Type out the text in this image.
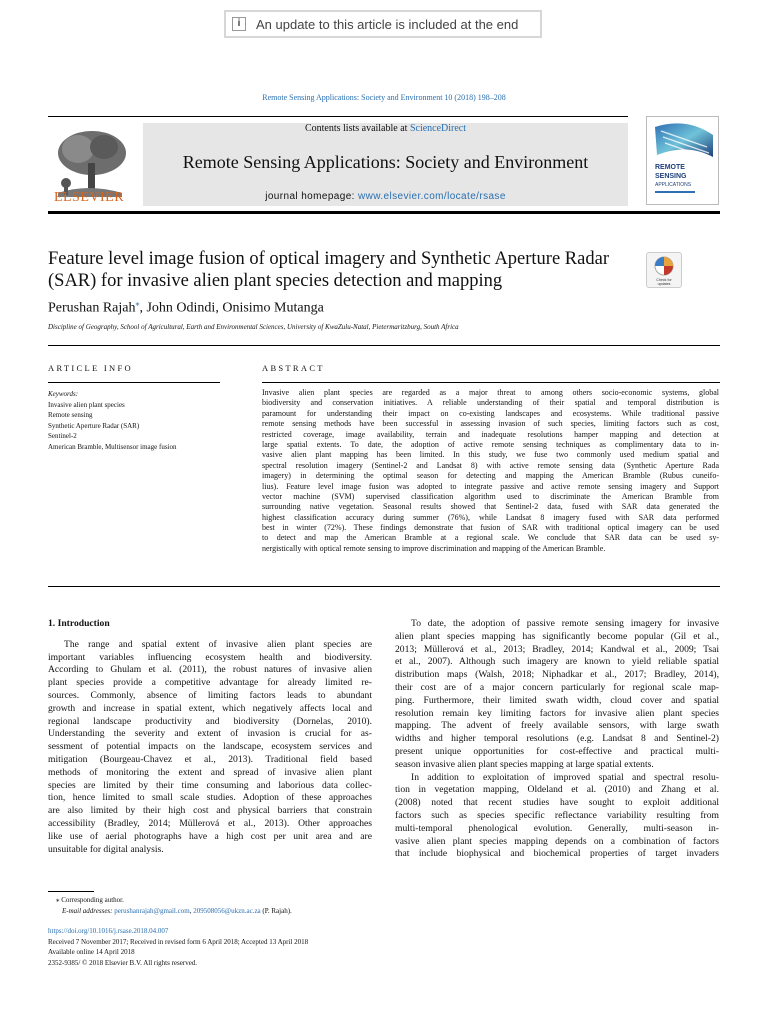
i	An update to this article is included at the end
Remote Sensing Applications: Society and Environment 10 (2018) 198–208
ELSEVIER
Contents lists available at ScienceDirect
Remote Sensing Applications: Society and Environment
journal homepage: www.elsevier.com/locate/rsase
REMOTE
SENSING
APPLICATIONS
Feature level image fusion of optical imagery and Synthetic Aperture Radar
(SAR) for invasive alien plant species detection and mapping	Check for
updates
Perushan Rajah⁎, John Odindi, Onisimo Mutanga
Discipline of Geography, School of Agricultural, Earth and Environmental Sciences, University of KwaZulu-Natal, Pietermaritzburg, South Africa
ARTICLE INFO	ABSTRACT
Keywords:
Invasive alien plant species
Remote sensing
Synthetic Aperture Radar (SAR)
Sentinel-2
American Bramble, Multisensor image fusion
Invasive alien plant species are regarded as a major threat to among others socio-economic systems, global
biodiversity and conservation initiatives. A reliable understanding of their spatial and temporal distribution is
paramount for understanding their impact on co-existing landscapes and ecosystems. While traditional passive
remote sensing methods have been successful in assessing invasion of such species, limiting factors such as cost,
restricted coverage, image availability, terrain and inadequate resolutions hamper mapping and detection at
large spatial extents. To date, the adoption of active remote sensing techniques as complimentary data to in-
vasive alien plant mapping has been limited. In this study, we fuse two commonly used medium spatial and
spectral resolution imagery (Sentinel-2 and Landsat 8) with active remote sensing data (Synthetic Aperture Rada
imagery) in determining the optimal season for detecting and mapping the American Bramble (Rubus cuneifo-
lius). Feature level image fusion was adopted to integrate passive and active remote sensing imagery and Support
vector machine (SVM) supervised classification algorithm used to discriminate the American Bramble from
surrounding native vegetation. Seasonal results showed that Sentinel-2 data, fused with SAR data generated the
highest classification accuracy during summer (76%), while Landsat 8 imagery fused with SAR data performed
best in winter (72%). These findings demonstrate that fusion of SAR with traditional optical imagery can be used
to detect and map the American Bramble at a regional scale. We conclude that SAR data can be used sy-
nergistically with optical remote sensing to improve discrimination and mapping of the American Bramble.
1. Introduction
The range and spatial extent of invasive alien plant species are
important variables influencing ecosystem health and biodiversity.
According to Ghulam et al. (2011), the robust natures of invasive alien
plant species provide a competitive advantage for already limited re-
sources. Commonly, absence of limiting factors leads to abundant
growth and increase in spatial extent, which negatively affects local and
regional landscape productivity and biodiversity (Dornelas, 2010).
Understanding the severity and extent of invasion is crucial for as-
sessment of potential impacts on the landscape, ecosystem services and
mitigation (Bourgeau-Chavez et al., 2013). Traditional field based
methods of monitoring the extent and spread of invasive alien plant
species are limited by their time consuming and laborious data collec-
tion, hence limited to small scale studies. Adoption of these approaches
are also limited by their high cost and physical barriers that constrain
accessibility (Bradley, 2014; Müllerová et al., 2013). Other approaches
like use of aerial photographs have a high cost per unit area and are
unsuitable for digital analysis.
To date, the adoption of passive remote sensing imagery for invasive
alien plant species mapping has significantly become popular (Gil et al.,
2013; Müllerová et al., 2013; Bradley, 2014; Kandwal et al., 2009; Tsai
et al., 2007). Although such imagery are known to yield reliable spatial
distribution maps (Walsh, 2018; Niphadkar et al., 2017; Bradley, 2014),
their cost are of a major concern particularly for regional scale map-
ping. Furthermore, their limited swath width, cloud cover and spatial
resolution remain key limiting factors for invasive alien plant species
mapping. The advent of freely available sensors, with large swath
widths and higher temporal resolutions (e.g. Landsat 8 and Sentinel-2)
present unique opportunities for cost-effective and practical multi-
season invasive alien plant species mapping at large spatial extents.
In addition to exploitation of improved spatial and spectral resolu-
tion in vegetation mapping, Oldeland et al. (2010) and Zhang et al.
(2008) noted that recent studies have sought to exploit additional
factors such as species specific reflectance variability resulting from
multi-temporal phenological evolution. Generally, multi-season in-
vasive alien plant species mapping depends on a combination of factors
that include biophysical and biochemical properties of target invaders
⁎ Corresponding author.
E-mail addresses: perushanrajah@gmail.com, 209508056@ukzn.ac.za (P. Rajah).
https://doi.org/10.1016/j.rsase.2018.04.007
Received 7 November 2017; Received in revised form 6 April 2018; Accepted 13 April 2018
Available online 14 April 2018
2352-9385/ © 2018 Elsevier B.V. All rights reserved.
